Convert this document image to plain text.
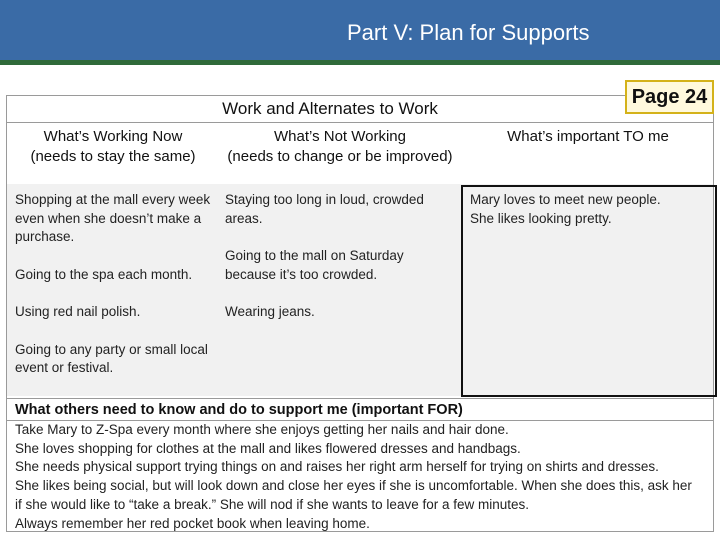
Part V: Plan for Supports
Work and Alternates to Work
What’s Working Now
(needs to stay the same)
What’s Not Working
(needs to change or be improved)
What’s important TO me

Shopping at the mall every week even when she doesn’t make a purchase.

Going to the spa each month.

Using red nail polish.

Going to any party or small local event or festival.

Staying too long in loud, crowded areas.

Going to the mall on Saturday because it’s too crowded.

Wearing jeans.

Mary loves to meet new people.

She likes looking pretty.

What others need to know and do to support me (important FOR)

Take Mary to Z-Spa every month where she enjoys getting her nails and hair done.

She loves shopping for clothes at the mall and likes flowered dresses and handbags.

She needs physical support trying things on and raises her right arm herself for trying on shirts and dresses.

She likes being social, but will look down and close her eyes if she is uncomfortable. When she does this, ask her

if she would like to “take a break.” She will nod if she wants to leave for a few minutes.

Always remember her red pocket book when leaving home.

Page 24
